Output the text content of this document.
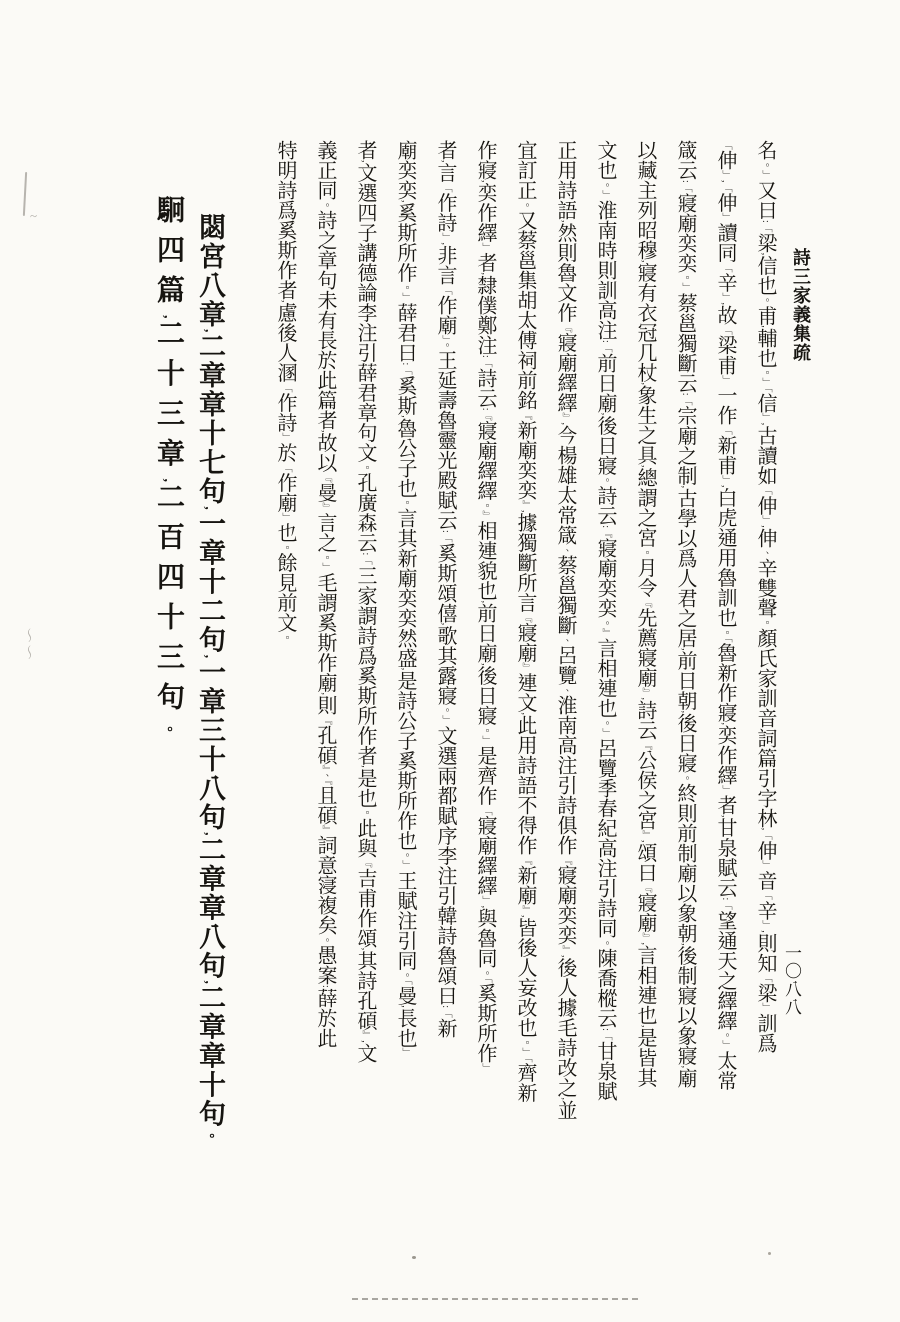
詩三家義集疏
一〇八八
名。」又曰:「梁,信也。甫,輔也。」「信」,古讀如「伸」,伸、辛雙聲。顏氏家訓音詞篇引字林,「伸」音「辛」,則知「梁」訓爲
「伸」,「伸」讀同「辛」,故「梁甫」一作「新甫」,白虎通用魯訓也。「魯新作寢,奕作繹」者,甘泉賦云:「望通天之繹繹。」太常
箴云:「寢廟奕奕。」蔡邕獨斷云:「宗廟之制,古學以爲人君之居,前日朝,後日寢。終則前制廟以象朝,後制寢以象寢,廟
以藏主列昭穆,寢有衣冠几杖,象生之具,總謂之宮。月令『先薦寢廟』,詩云『公侯之宮』,頌曰『寢廟』,言相連也,是皆其
文也。」淮南時則訓高注:「前日廟,後日寢。詩云:『寢廟奕奕。』言相連也。」呂覽季春紀高注引詩同。陳喬樅云:「甘泉賦
正用詩語,然則魯文作『寢廟繹繹』,今楊雄太常箴、蔡邕獨斷、呂覽、淮南高注引詩俱作『寢廟奕奕』,後人據毛詩改之,並
宜訂正。又蔡邕集胡太傅祠前銘『新廟奕奕』,據獨斷所言『寢廟』連文,此用詩語不得作『新廟』,皆後人妄改也。」「齊新
作寢,奕作繹」者,隸僕鄭注:「詩云:『寢廟繹繹。』相連貌也,前日廟,後日寢。」是齊作「寢廟繹繹」,與魯同。「奚斯所作」
者,言「作詩」,非言「作廟」。王延壽魯靈光殿賦云:「奚斯頌僖,歌其露寢。」文選兩都賦序李注引韓詩魯頌曰:「新
廟奕奕,奚斯所作。」薛君曰:「奚斯,魯公子也。言其新廟奕奕然盛,是詩公子奚斯所作也。」王賦注引同。「曼,長也」
者,文選四子講德論李注引薛君章句文。孔廣森云:「三家謂詩爲奚斯所作者,是也。此與『吉甫作頌,其詩孔碩』,文
義正同。詩之章句未有長於此篇者,故以『曼』言之。」毛謂奚斯作廟,則『孔碩』、『且碩』詞意寖複矣。愚案:薛於此
特明詩爲奚斯作者,慮後人溷「作詩」於「作廟」也。餘見前文。
閟宮八章,二章章十七句,一章十二句,一章三十八句,二章章八句,二章章十句。
駉四篇,二十三章,二百四十三句。
~
〜〜
